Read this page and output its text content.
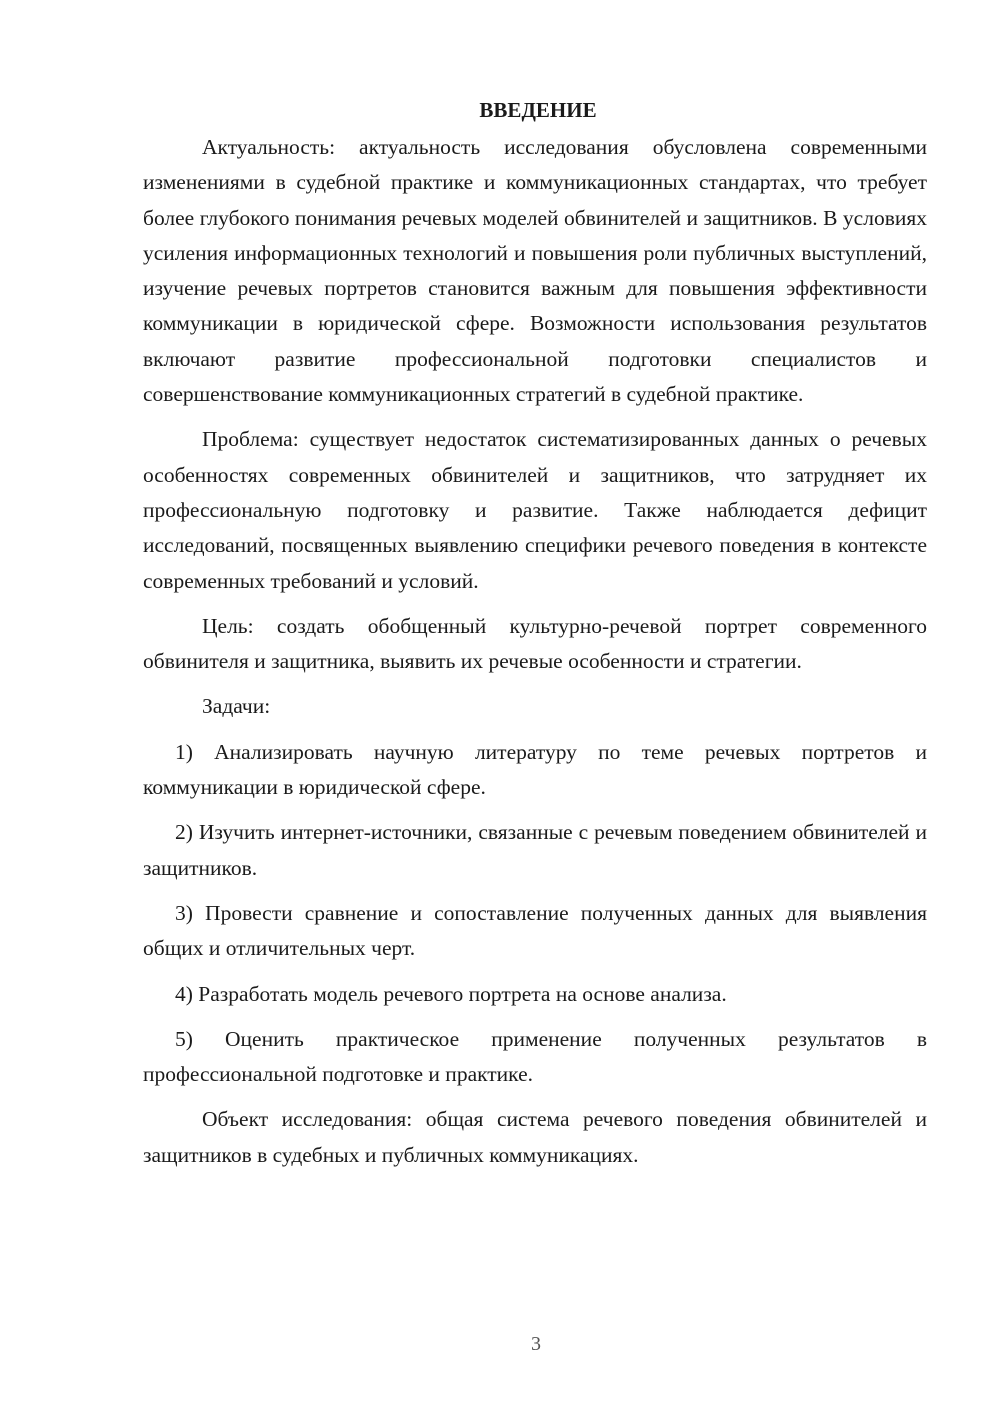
ВВЕДЕНИЕ

Актуальность: актуальность исследования обусловлена современными изменениями в судебной практике и коммуникационных стандартах, что требует более глубокого понимания речевых моделей обвинителей и защитников. В условиях усиления информационных технологий и повышения роли публичных выступлений, изучение речевых портретов становится важным для повышения эффективности коммуникации в юридической сфере. Возможности использования результатов включают развитие профессиональной подготовки специалистов и совершенствование коммуникационных стратегий в судебной практике.

Проблема: существует недостаток систематизированных данных о речевых особенностях современных обвинителей и защитников, что затрудняет их профессиональную подготовку и развитие. Также наблюдается дефицит исследований, посвященных выявлению специфики речевого поведения в контексте современных требований и условий.

Цель: создать обобщенный культурно-речевой портрет современного обвинителя и защитника, выявить их речевые особенности и стратегии.

Задачи:

1) Анализировать научную литературу по теме речевых портретов и коммуникации в юридической сфере.

2) Изучить интернет-источники, связанные с речевым поведением обвинителей и защитников.

3) Провести сравнение и сопоставление полученных данных для выявления общих и отличительных черт.

4) Разработать модель речевого портрета на основе анализа.

5) Оценить практическое применение полученных результатов в профессиональной подготовке и практике.

Объект исследования: общая система речевого поведения обвинителей и защитников в судебных и публичных коммуникациях.

3
